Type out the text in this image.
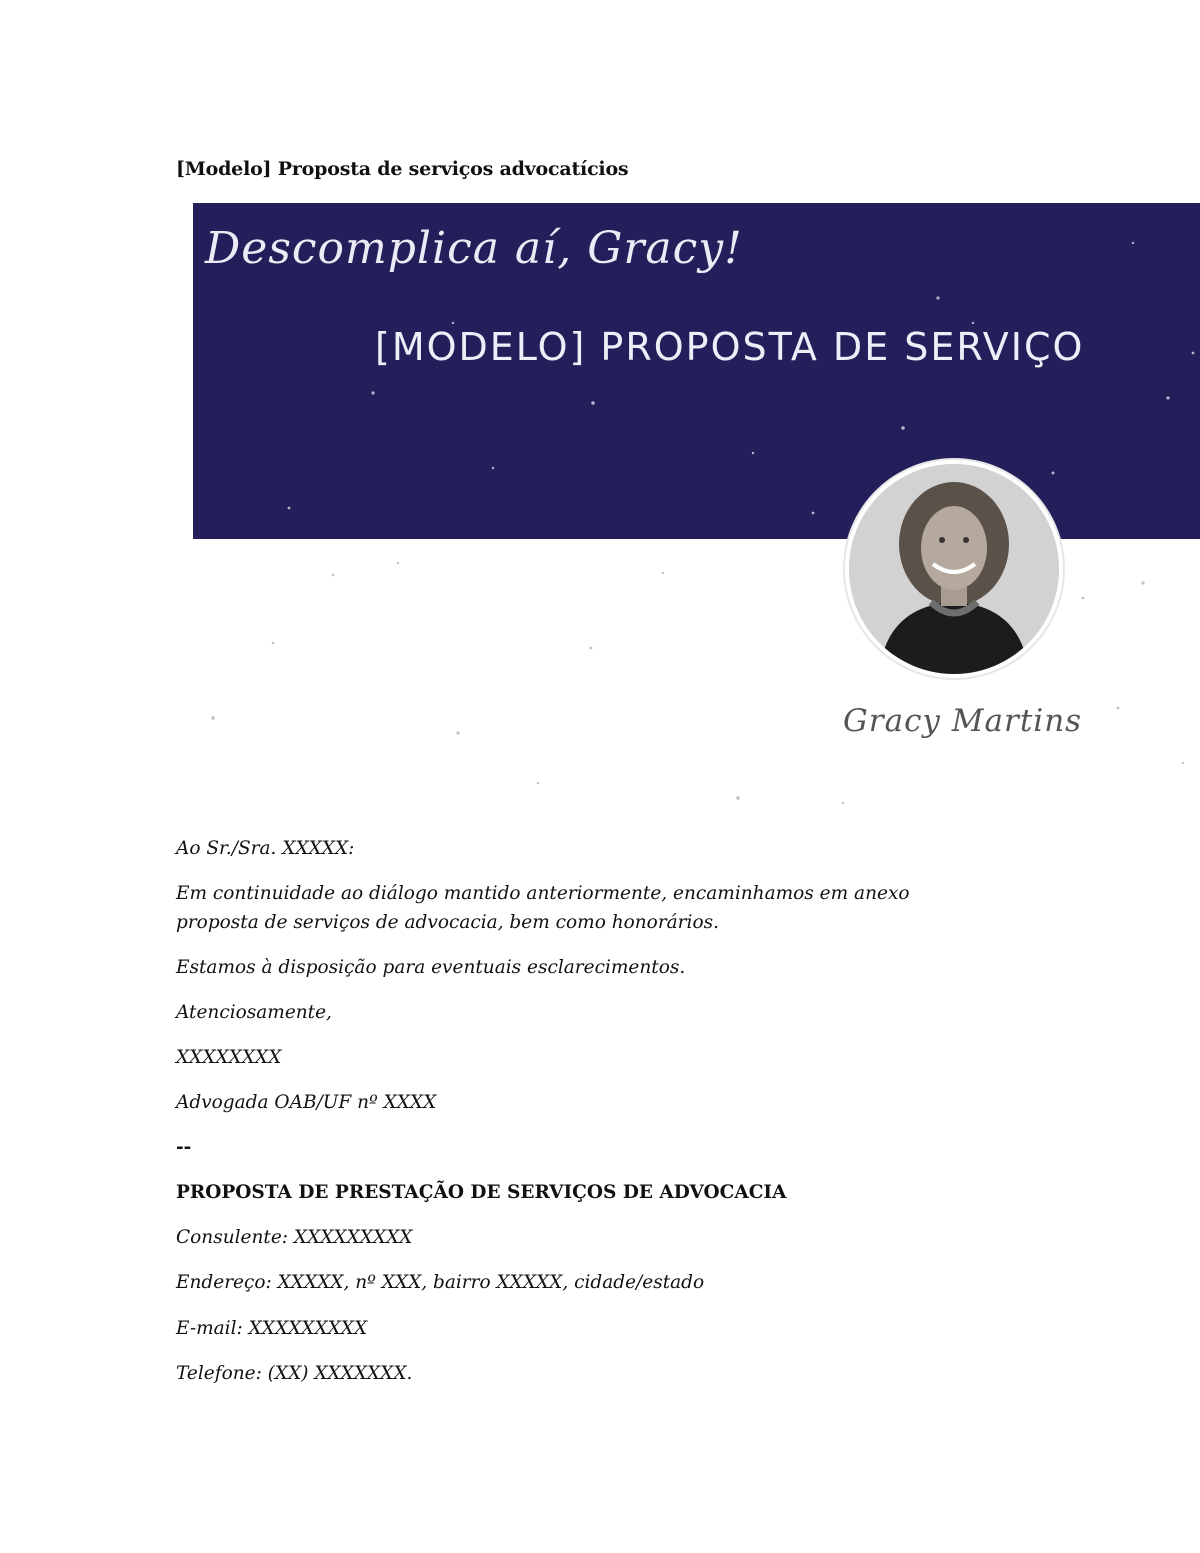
[Modelo] Proposta de serviços advocatícios
Descomplica aí, Gracy!
[MODELO] PROPOSTA DE SERVIÇO
Gracy Martins

Ao Sr./Sra. XXXXX:

Em continuidade ao diálogo mantido anteriormente, encaminhamos em anexo
proposta de serviços de advocacia, bem como honorários.

Estamos à disposição para eventuais esclarecimentos.

Atenciosamente,

XXXXXXXX

Advogada OAB/UF nº XXXX

--

PROPOSTA DE PRESTAÇÃO DE SERVIÇOS DE ADVOCACIA

Consulente: XXXXXXXXX

Endereço: XXXXX, nº XXX, bairro XXXXX, cidade/estado

E-mail: XXXXXXXXX

Telefone: (XX) XXXXXXX.
